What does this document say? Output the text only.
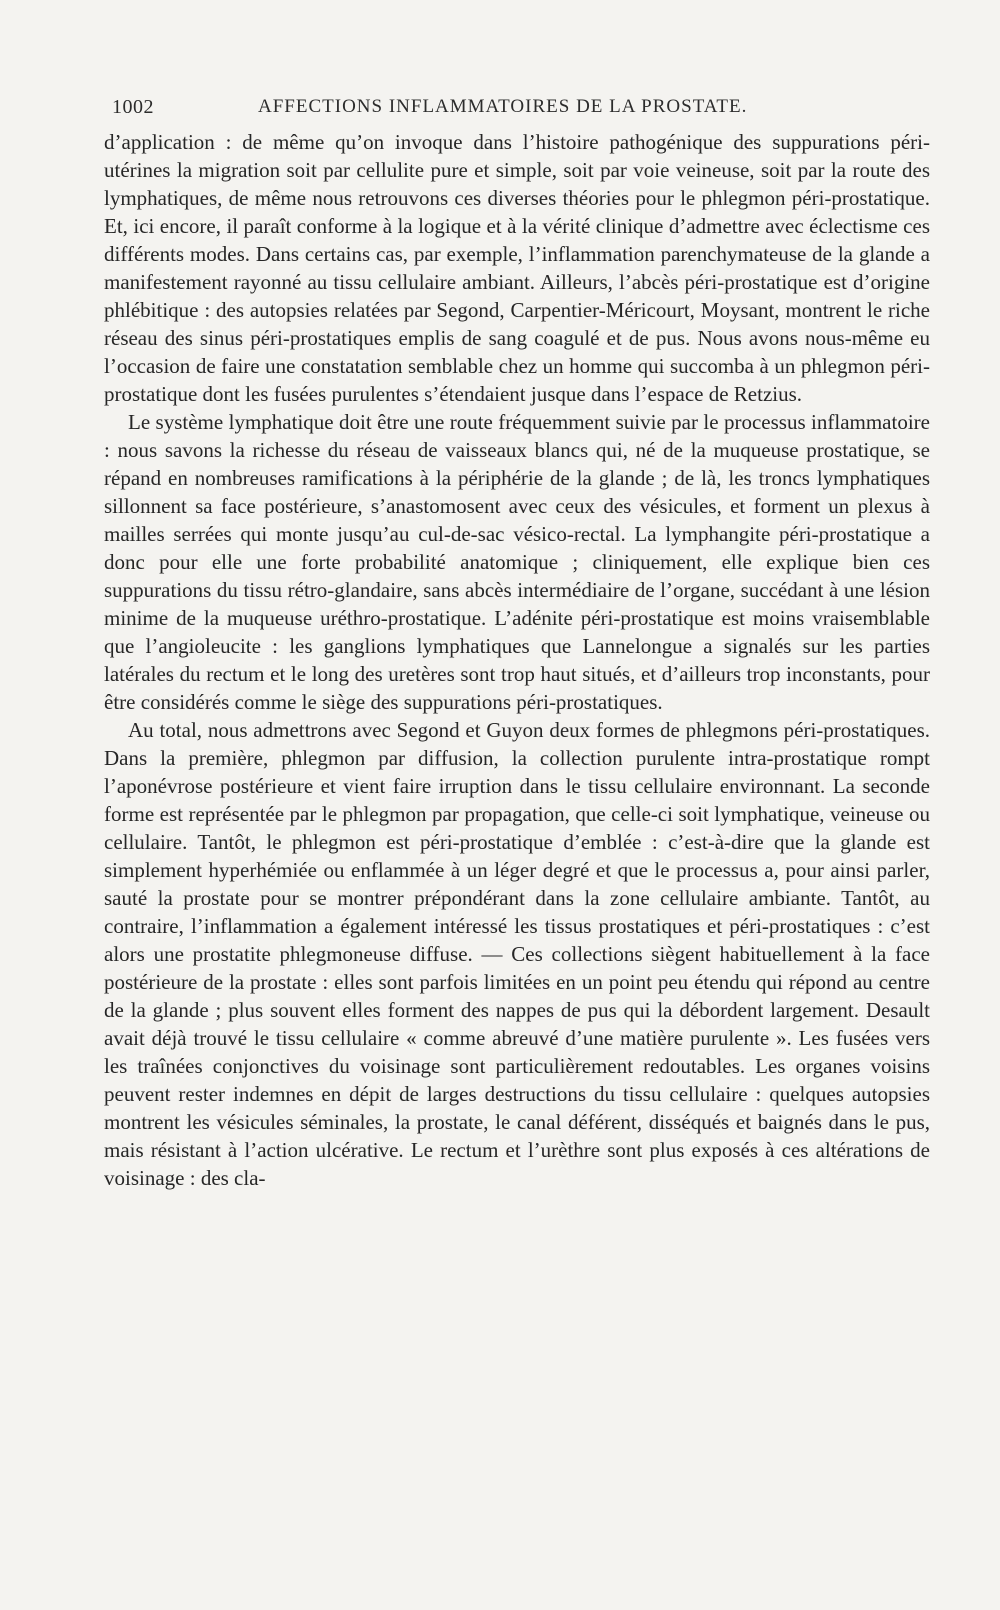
1002	AFFECTIONS INFLAMMATOIRES DE LA PROSTATE.

d’application : de même qu’on invoque dans l’histoire pathogénique des suppurations péri-utérines la migration soit par cellulite pure et simple, soit par voie veineuse, soit par la route des lymphatiques, de même nous retrouvons ces diverses théories pour le phlegmon péri-prostatique. Et, ici encore, il paraît conforme à la logique et à la vérité clinique d’admettre avec éclectisme ces différents modes. Dans certains cas, par exemple, l’inflammation parenchymateuse de la glande a manifestement rayonné au tissu cellulaire ambiant. Ailleurs, l’abcès péri-prostatique est d’origine phlébitique : des autopsies relatées par Segond, Carpentier-Méricourt, Moysant, montrent le riche réseau des sinus péri-prostatiques emplis de sang coagulé et de pus. Nous avons nous-même eu l’occasion de faire une constatation semblable chez un homme qui succomba à un phlegmon péri-prostatique dont les fusées purulentes s’étendaient jusque dans l’espace de Retzius.

Le système lymphatique doit être une route fréquemment suivie par le processus inflammatoire : nous savons la richesse du réseau de vaisseaux blancs qui, né de la muqueuse prostatique, se répand en nombreuses ramifications à la périphérie de la glande ; de là, les troncs lymphatiques sillonnent sa face postérieure, s’anastomosent avec ceux des vésicules, et forment un plexus à mailles serrées qui monte jusqu’au cul-de-sac vésico-rectal. La lymphangite péri-prostatique a donc pour elle une forte probabilité anatomique ; cliniquement, elle explique bien ces suppurations du tissu rétro-glandaire, sans abcès intermédiaire de l’organe, succédant à une lésion minime de la muqueuse uréthro-prostatique. L’adénite péri-prostatique est moins vraisemblable que l’angioleucite : les ganglions lymphatiques que Lannelongue a signalés sur les parties latérales du rectum et le long des uretères sont trop haut situés, et d’ailleurs trop inconstants, pour être considérés comme le siège des suppurations péri-prostatiques.

Au total, nous admettrons avec Segond et Guyon deux formes de phlegmons péri-prostatiques. Dans la première, phlegmon par diffusion, la collection purulente intra-prostatique rompt l’aponévrose postérieure et vient faire irruption dans le tissu cellulaire environnant. La seconde forme est représentée par le phlegmon par propagation, que celle-ci soit lymphatique, veineuse ou cellulaire. Tantôt, le phlegmon est péri-prostatique d’emblée : c’est-à-dire que la glande est simplement hyperhémiée ou enflammée à un léger degré et que le processus a, pour ainsi parler, sauté la prostate pour se montrer prépondérant dans la zone cellulaire ambiante. Tantôt, au contraire, l’inflammation a également intéressé les tissus prostatiques et péri-prostatiques : c’est alors une prostatite phlegmoneuse diffuse. — Ces collections siègent habituellement à la face postérieure de la prostate : elles sont parfois limitées en un point peu étendu qui répond au centre de la glande ; plus souvent elles forment des nappes de pus qui la débordent largement. Desault avait déjà trouvé le tissu cellulaire « comme abreuvé d’une matière purulente ». Les fusées vers les traînées conjonctives du voisinage sont particulièrement redoutables. Les organes voisins peuvent rester indemnes en dépit de larges destructions du tissu cellulaire : quelques autopsies montrent les vésicules séminales, la prostate, le canal déférent, disséqués et baignés dans le pus, mais résistant à l’action ulcérative. Le rectum et l’urèthre sont plus exposés à ces altérations de voisinage : des cla-
